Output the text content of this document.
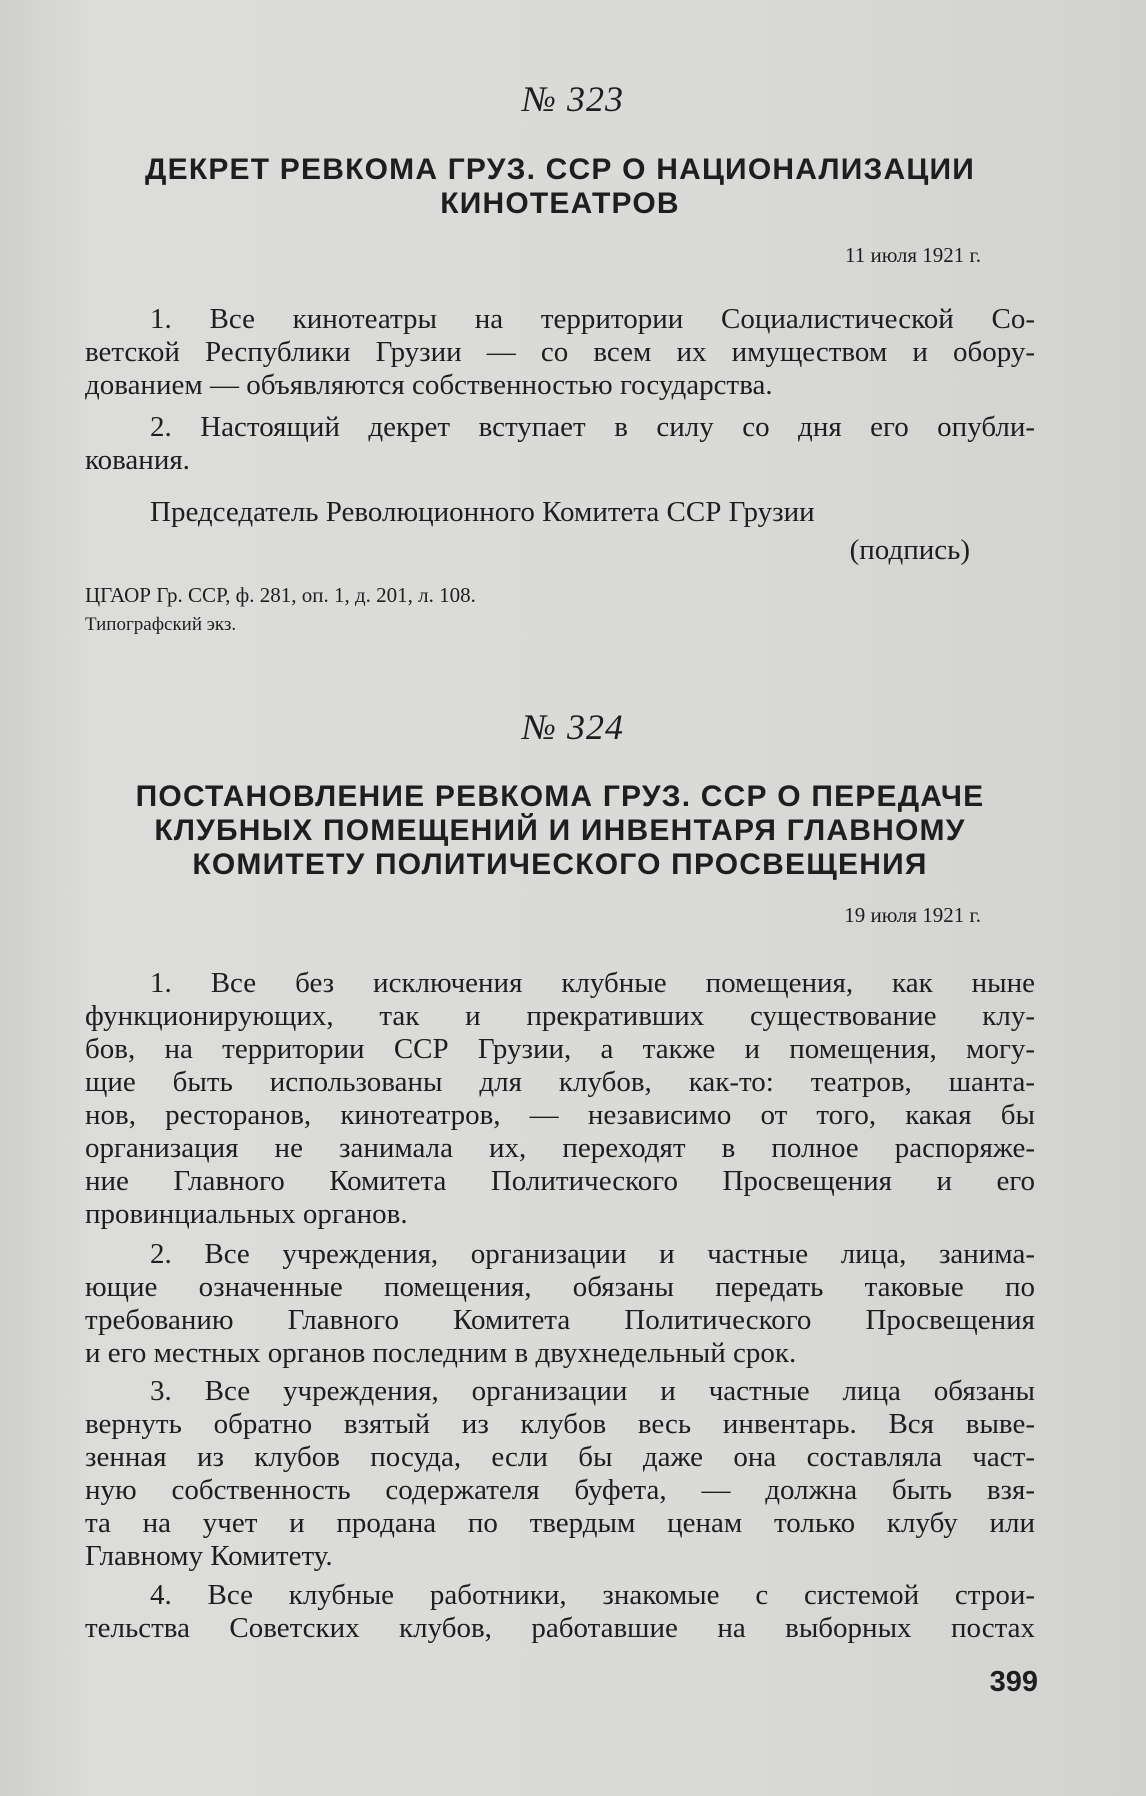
№ 323
ДЕКРЕТ РЕВКОМА ГРУЗ. ССР О НАЦИОНАЛИЗАЦИИ
КИНОТЕАТРОВ
11 июля 1921 г.
1. Все кинотеатры на территории Социалистической Со-
ветской Республики Грузии — со всем их имуществом и обору-
дованием — объявляются собственностью государства.
2. Настоящий декрет вступает в силу со дня его опубли-
кования.
Председатель Революционного Комитета ССР Грузии
(подпись)
ЦГАОР Гр. ССР, ф. 281, оп. 1, д. 201, л. 108.
Типографский экз.
№ 324
ПОСТАНОВЛЕНИЕ РЕВКОМА ГРУЗ. ССР О ПЕРЕДАЧЕ
КЛУБНЫХ ПОМЕЩЕНИЙ И ИНВЕНТАРЯ ГЛАВНОМУ
КОМИТЕТУ ПОЛИТИЧЕСКОГО ПРОСВЕЩЕНИЯ
19 июля 1921 г.
1. Все без исключения клубные помещения, как ныне
функционирующих, так и прекративших существование клу-
бов, на территории ССР Грузии, а также и помещения, могу-
щие быть использованы для клубов, как-то: театров, шанта-
нов, ресторанов, кинотеатров, — независимо от того, какая бы
организация не занимала их, переходят в полное распоряже-
ние Главного Комитета Политического Просвещения и его
провинциальных органов.
2. Все учреждения, организации и частные лица, занима-
ющие означенные помещения, обязаны передать таковые по
требованию Главного Комитета Политического Просвещения
и его местных органов последним в двухнедельный срок.
3. Все учреждения, организации и частные лица обязаны
вернуть обратно взятый из клубов весь инвентарь. Вся выве-
зенная из клубов посуда, если бы даже она составляла част-
ную собственность содержателя буфета, — должна быть взя-
та на учет и продана по твердым ценам только клубу или
Главному Комитету.
4. Все клубные работники, знакомые с системой строи-
тельства Советских клубов, работавшие на выборных постах
399
